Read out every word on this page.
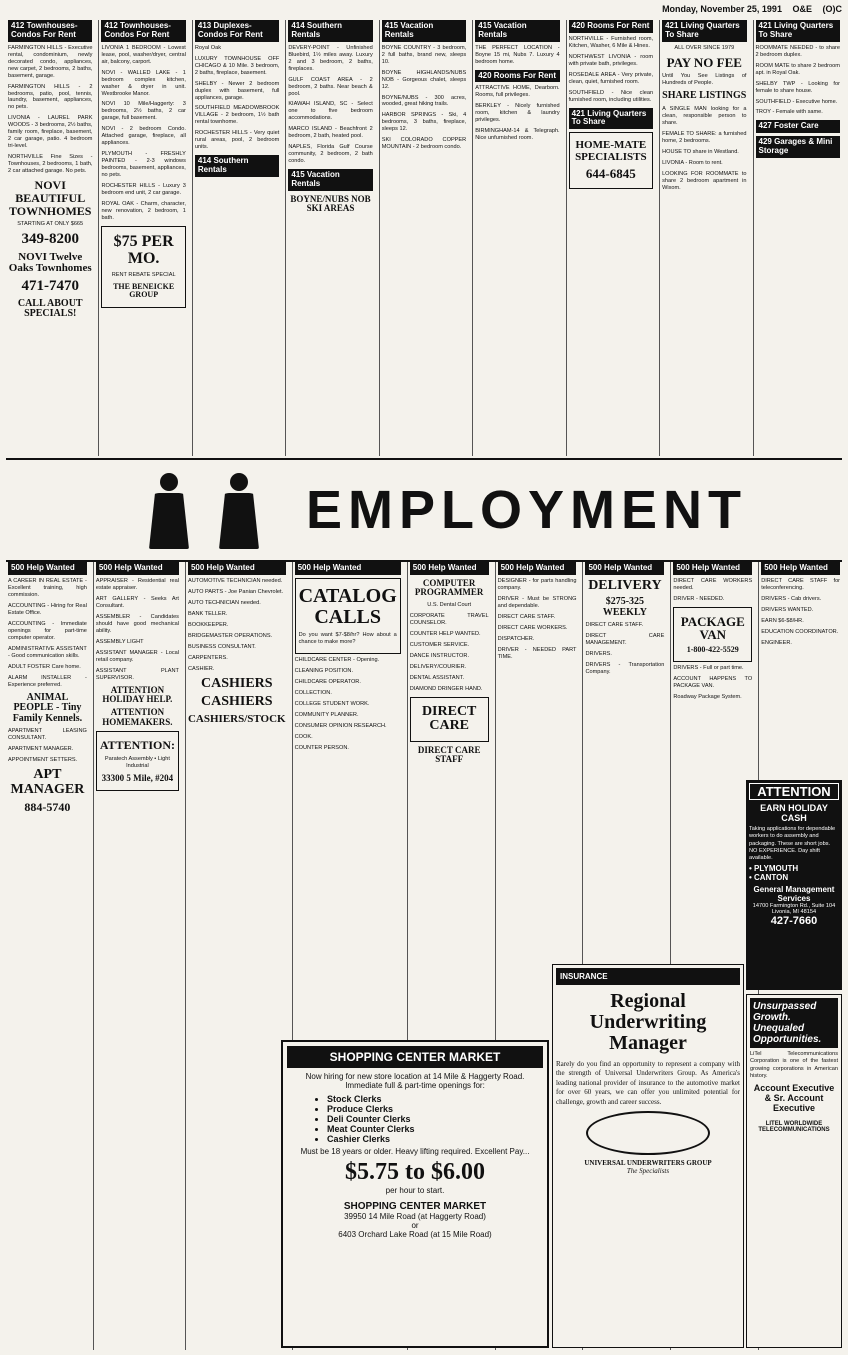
Monday, November 25, 1991 O&E (O)C
412 Townhouses-Condos For Rent

FARMINGTON HILLS - Executive rental, condominium, newly decorated condo, appliances, new carpet, 2 bedrooms, 2 baths, basement, garage.

FARMINGTON HILLS - 2 bedrooms, patio, pool, tennis, laundry, basement, appliances, no pets.

LIVONIA - LAUREL PARK WOODS - 3 bedrooms, 2½ baths, family room, fireplace, basement, 2 car garage, patio. 4 bedroom tri-level.

NORTHVILLE Fine Sizes - Townhouses, 2 bedrooms, 1 bath, 2 car attached garage. No pets.

NOVI BEAUTIFUL TOWNHOMES
STARTING AT ONLY $665
349-8200
NOVI Twelve Oaks Townhomes
471-7470
CALL ABOUT SPECIALS!
412 Townhouses-Condos For Rent

LIVONIA 1 BEDROOM - Lowest lease, pool, washer/dryer, central air, balcony, carport.

NOVI - WALLED LAKE - 1 bedroom complex kitchen, washer & dryer in unit. Westbrooke Manor.

NOVI 10 Mile/Haggerty: 3 bedrooms, 2½ baths, 2 car garage, full basement.

NOVI - 2 bedroom Condo. Attached garage, fireplace, all appliances.

PLYMOUTH - FRESHLY PAINTED - 2-3 windows bedrooms, basement, appliances, no pets.

ROCHESTER HILLS - Luxury 3 bedroom end unit, 2 car garage.

ROYAL OAK - Charm, character, new renovation, 2 bedroom, 1 bath.

$75 PER MO.
RENT REBATE SPECIAL
THE BENEICKE GROUP
413 Duplexes-Condos For Rent

Royal Oak

LUXURY TOWNHOUSE OFF CHICAGO & 10 Mile. 3 bedroom, 2 baths, fireplace, basement.

SHELBY - Newer 2 bedroom duplex with basement, full appliances, garage.

SOUTHFIELD MEADOWBROOK VILLAGE - 2 bedroom, 1½ bath rental townhome.

ROCHESTER HILLS - Very quiet rural areas, pool, 2 bedroom units.

414 Southern Rentals
414 Southern Rentals

DEVERY-POINT - Unfinished Bluebird, 1½ miles away. Luxury 2 and 3 bedroom, 2 baths, fireplaces.

GULF COAST AREA - 2 bedroom, 2 baths. Near beach & pool.

KIAWAH ISLAND, SC - Select one to five bedroom accommodations.

MARCO ISLAND - Beachfront 2 bedroom, 2 bath, heated pool.

NAPLES, Florida Gulf Course community, 2 bedroom, 2 bath condo.

415 Vacation Rentals
BOYNE/NUBS NOB SKI AREAS
415 Vacation Rentals

BOYNE COUNTRY - 3 bedroom, 2 full baths, brand new, sleeps 10.

BOYNE HIGHLANDS/NUBS NOB - Gorgeous chalet, sleeps 12.

BOYNE/NUBS - 300 acres, wooded, great hiking trails.

HARBOR SPRINGS - Ski, 4 bedrooms, 3 baths, fireplace, sleeps 12.

SKI COLORADO COPPER MOUNTAIN - 2 bedroom condo.

415 Vacation Rentals

THE PERFECT LOCATION - Boyne 15 mi, Nubs 7. Luxury 4 bedroom home.

420 Rooms For Rent

ATTRACTIVE HOME, Dearborn. Rooms, full privileges.

BERKLEY - Nicely furnished room, kitchen & laundry privileges.

BIRMINGHAM-14 & Telegraph. Nice unfurnished room.

420 Rooms For Rent

NORTHVILLE - Furnished room, Kitchen, Washer, 6 Mile & Hines.

NORTHWEST LIVONIA - room with private bath, privileges.

ROSEDALE AREA - Very private, clean, quiet, furnished room.

SOUTHFIELD - Nice clean furnished room, including utilities.

421 Living Quarters To Share
HOME-MATE SPECIALISTS
644-6845
421 Living Quarters To Share
ALL OVER SINCE 1979
PAY NO FEE

Until You See Listings of Hundreds of People.

SHARE LISTINGS

A SINGLE MAN looking for a clean, responsible person to share.

FEMALE TO SHARE: a furnished home, 2 bedrooms.

HOUSE TO share in Westland.

LIVONIA - Room to rent.

LOOKING FOR ROOMMATE to share 2 bedroom apartment in Wixom.

421 Living Quarters To Share

ROOMMATE NEEDED - to share 2 bedroom duplex.

ROOM MATE to share 2 bedroom apt. in Royal Oak.

SHELBY TWP - Looking for female to share house.

SOUTHFIELD - Executive home.

TROY - Female with same.

427 Foster Care
429 Garages & Mini Storage
EMPLOYMENT
500 Help Wanted

A CAREER IN REAL ESTATE - Excellent training, high commission.

ACCOUNTING - Hiring for Real Estate Office.

ACCOUNTING - Immediate openings for part-time computer operator.

ADMINISTRATIVE ASSISTANT - Good communication skills.

ADULT FOSTER Care home.

ALARM INSTALLER - Experience preferred.

ANIMAL PEOPLE - Tiny Family Kennels.

APARTMENT LEASING CONSULTANT.

APARTMENT MANAGER.

APPOINTMENT SETTERS.

APT MANAGER
884-5740
500 Help Wanted

APPRAISER - Residential real estate appraiser.

ART GALLERY - Seeks Art Consultant.

ASSEMBLER - Candidates should have good mechanical ability.

ASSEMBLY LIGHT

ASSISTANT MANAGER - Local retail company.

ASSISTANT PLANT SUPERVISOR.

ATTENTION HOLIDAY HELP.
ATTENTION HOMEMAKERS.
ATTENTION:
Paratech Assembly • Light Industrial
33300 5 Mile, #204
500 Help Wanted

AUTOMOTIVE TECHNICIAN needed.

AUTO PARTS - Joe Panian Chevrolet.

AUTO TECHNICIAN needed.

BANK TELLER.

BOOKKEEPER.

BRIDGEMASTER OPERATIONS.

BUSINESS CONSULTANT.

CARPENTERS.

CASHIER.

CASHIERS
CASHIERS
CASHIERS/STOCK
500 Help Wanted
CATALOG CALLS

Do you want $7-$8/hr? How about a chance to make more?

CHILDCARE CENTER - Opening.

CLEANING POSITION.

CHILDCARE OPERATOR.

COLLECTION.

COLLEGE STUDENT WORK.

COMMUNITY PLANNER.

CONSUMER OPINION RESEARCH.

COOK.

COUNTER PERSON.

500 Help Wanted
COMPUTER PROGRAMMER
U.S. Dental Court

CORPORATE TRAVEL COUNSELOR.

COUNTER HELP WANTED.

CUSTOMER SERVICE.

DANCE INSTRUCTOR.

DELIVERY/COURIER.

DENTAL ASSISTANT.

DIAMOND DRINGER HAND.

DIRECT CARE
DIRECT CARE STAFF
500 Help Wanted

DESIGNER - for parts handling company.

DRIVER - Must be STRONG and dependable.

DIRECT CARE STAFF.

DIRECT CARE WORKERS.

DISPATCHER.

DRIVER - NEEDED PART TIME.

500 Help Wanted
DELIVERY
$275-325 WEEKLY

DIRECT CARE STAFF.

DIRECT CARE MANAGEMENT.

DRIVERS.

DRIVERS - Transportation Company.

500 Help Wanted

DIRECT CARE WORKERS needed.

DRIVER - NEEDED.

PACKAGE VAN
1-800-422-5529

DRIVERS - Full or part time.

ACCOUNT HAPPENS TO PACKAGE VAN.

Roadway Package System.

500 Help Wanted

DIRECT CARE STAFF for teleconferencing.

DRIVERS - Cab drivers.

DRIVERS WANTED.

EARN $6-$8/HR.

EDUCATION COORDINATOR.

ENGINEER.

SHOPPING CENTER MARKET
Now hiring for new store location at 14 Mile & Haggerty Road. Immediate full & part-time openings for:
• Stock Clerks
• Produce Clerks
• Deli Counter Clerks
• Meat Counter Clerks
• Cashier Clerks
Must be 18 years or older. Heavy lifting required. Excellent Pay...
$5.75 to $6.00
per hour to start.
SHOPPING CENTER MARKET
39950 14 Mile Road (at Haggerty Road)
or
6403 Orchard Lake Road (at 15 Mile Road)
INSURANCE
Regional Underwriting Manager

Rarely do you find an opportunity to represent a company with the strength of Universal Underwriters Group. As America's leading national provider of insurance to the automotive market for over 60 years, we can offer you unlimited potential for challenge, growth and career success.

UNIVERSAL UNDERWRITERS GROUP
The Specialists
ATTENTION
EARN HOLIDAY CASH

Taking applications for dependable workers to do assembly and packaging. These are short jobs. NO EXPERIENCE. Day shift available.

• PLYMOUTH
• CANTON
General Management Services
14700 Farmington Rd., Suite 104 Livonia, MI 48154
427-7660
Unsurpassed Growth. Unequaled Opportunities.

LiTel Telecommunications Corporation is one of the fastest growing corporations in American history.

Account Executive
& Sr. Account Executive
LITEL WORLDWIDE TELECOMMUNICATIONS
